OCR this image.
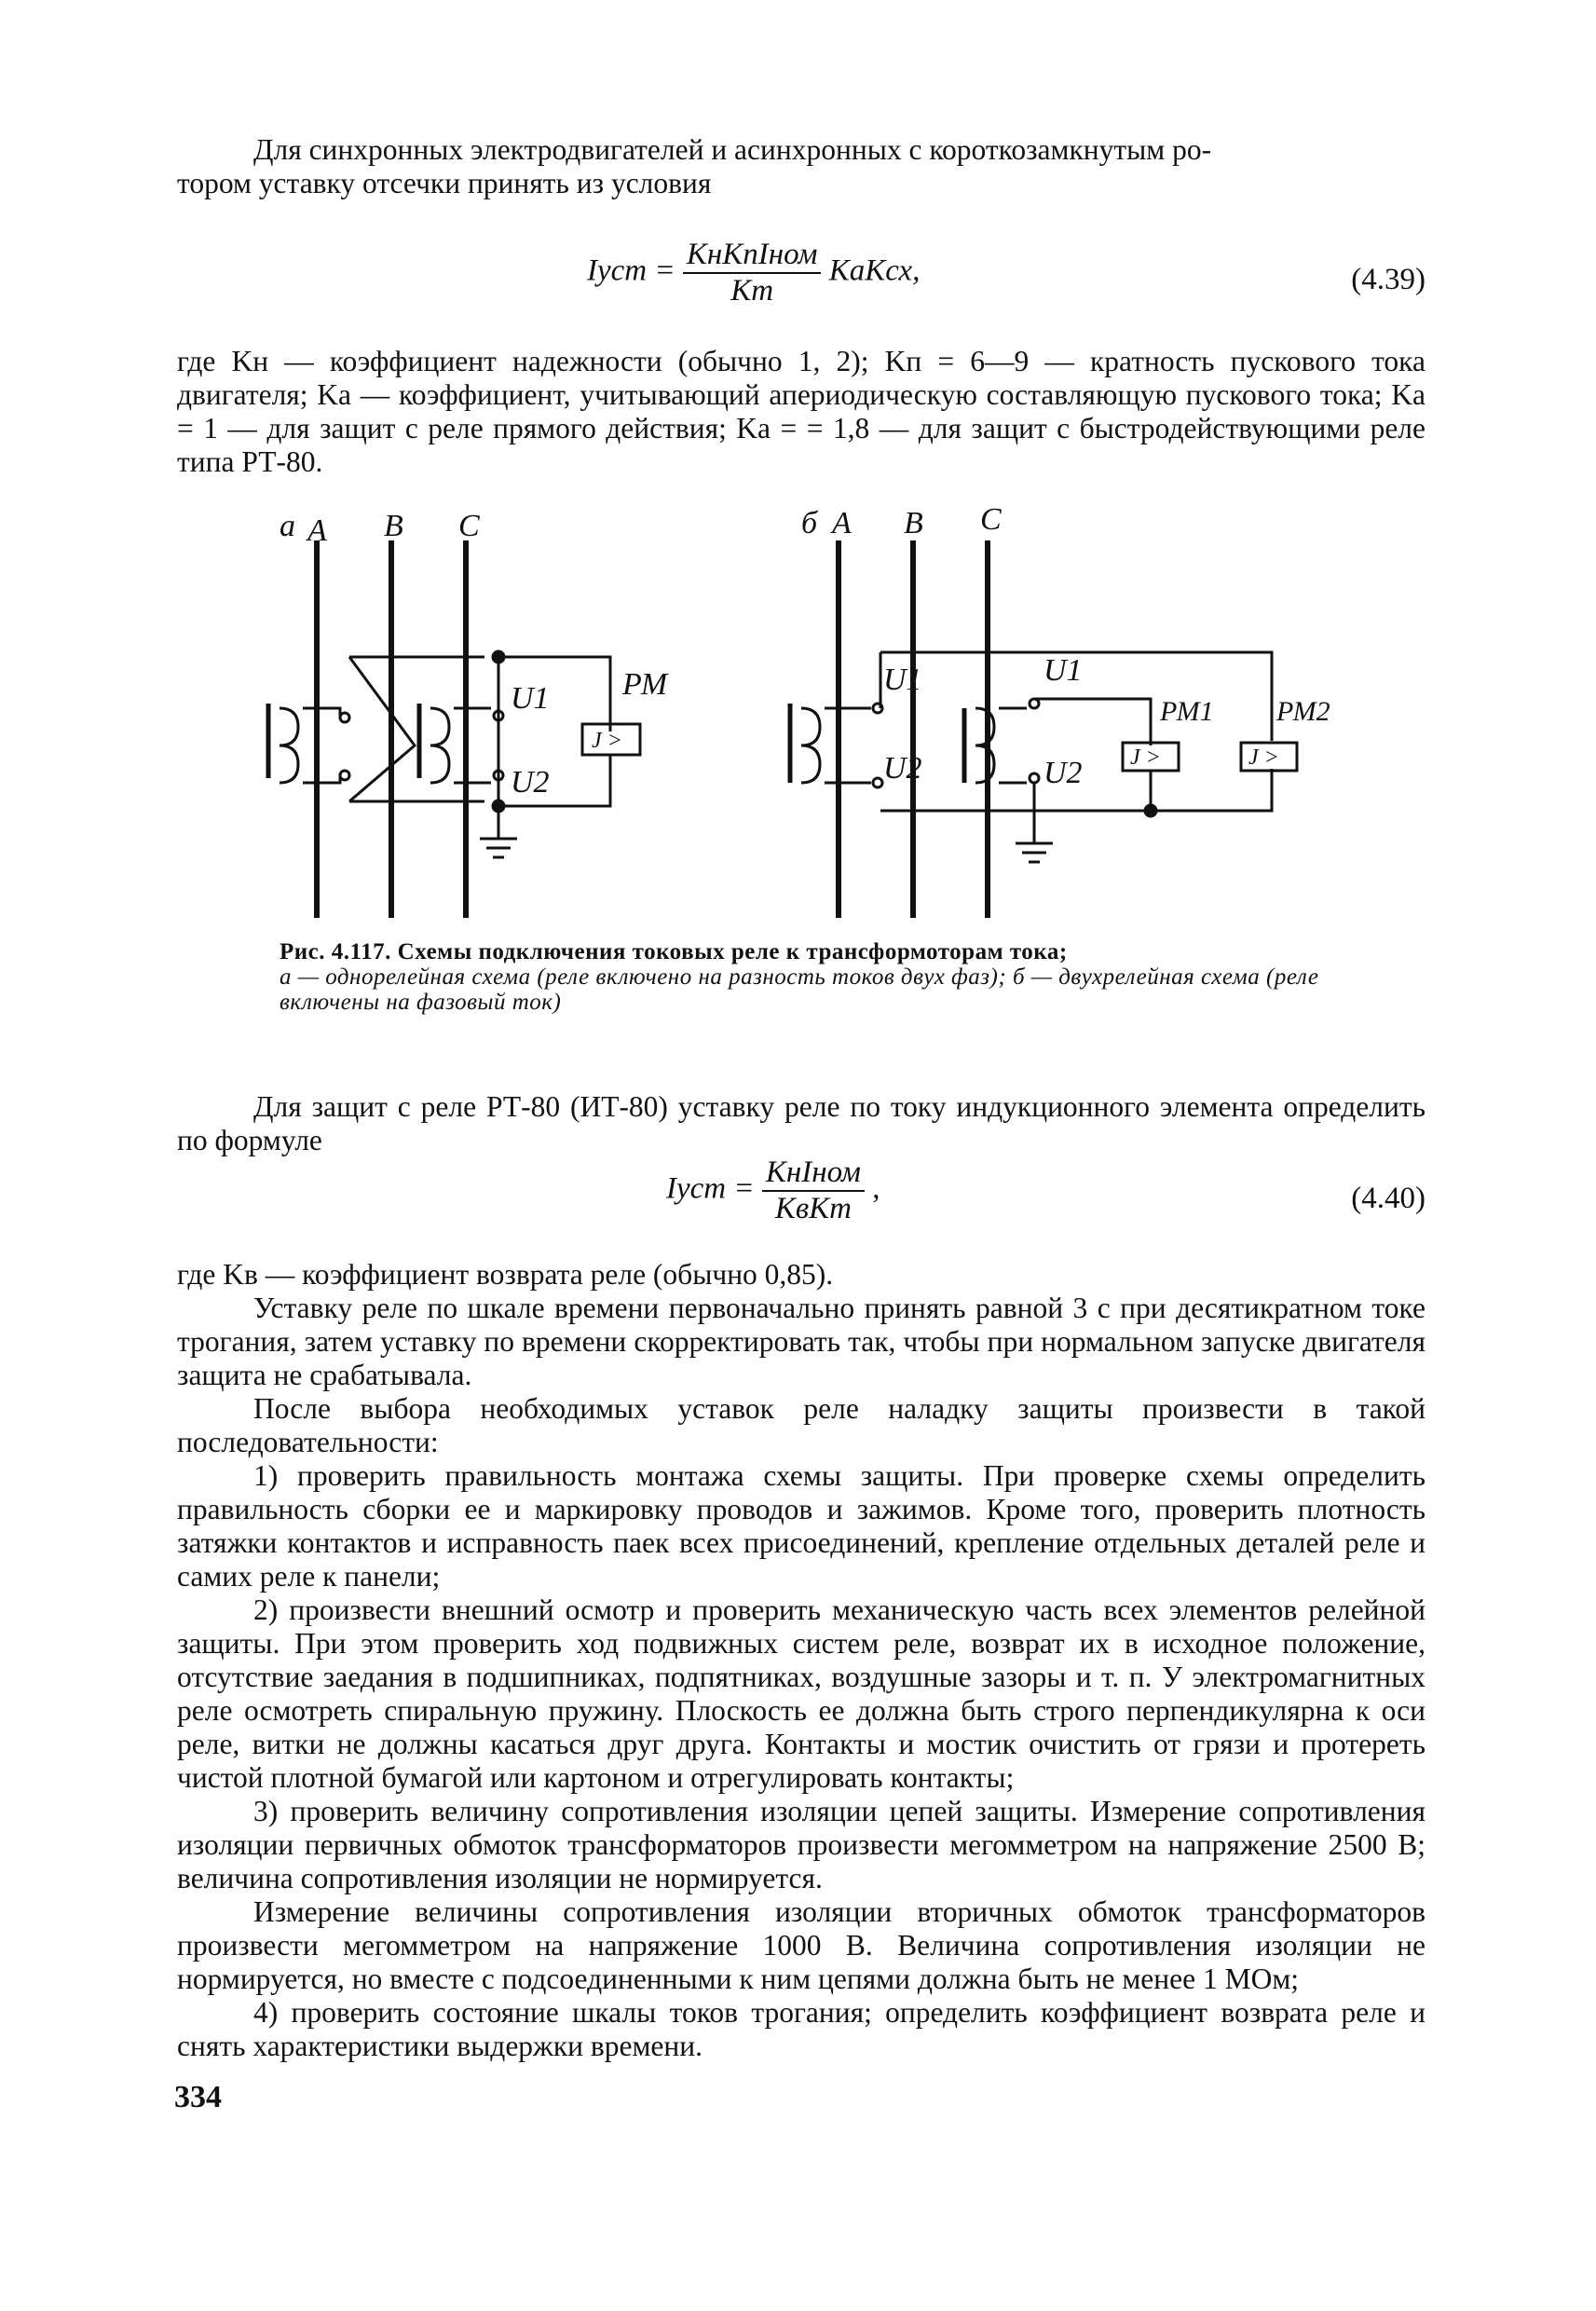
Для синхронных электродвигателей и асинхронных с короткозамкнутым ро-

тором уставку отсечки принять из условия

Iуст = $\frac{\text{KнKпIном}}{Kт}$ KаKсх,	(4.39)

где Kн — коэффициент надежности (обычно 1, 2); Kп = 6—9 — кратность пускового тока двигателя; Kа — коэффициент, учитывающий апериодическую составляющую пускового тока; Kа = 1 — для защит с реле прямого действия; Kа = = 1,8 — для защит с быстродействующими реле типа РТ-80.

а А В С
U1
U2
РМ
J >
б А В С
U1
U2
U1
U2
РМ1 РМ2
J >	J >
Рис. 4.117. Схемы подключения токовых реле к трансформоторам тока;
а — однорелейная схема (реле включено на разность токов двух фаз); б — двухрелейная схема (реле включены на фазовый ток)

Для защит с реле РТ-80 (ИТ-80) уставку реле по току индукционного элемента определить по формуле

Iуст = $\frac{\text{KнIном}}{\text{KвKт}}$ ,	(4.40)

где Kв — коэффициент возврата реле (обычно 0,85).

Уставку реле по шкале времени первоначально принять равной 3 с при десятикратном токе трогания, затем уставку по времени скорректировать так, чтобы при нормальном запуске двигателя защита не срабатывала.

После выбора необходимых уставок реле наладку защиты произвести в такой последовательности:

1) проверить правильность монтажа схемы защиты. При проверке схемы определить правильность сборки ее и маркировку проводов и зажимов. Кроме того, проверить плотность затяжки контактов и исправность паек всех присоединений, крепление отдельных деталей реле и самих реле к панели;

2) произвести внешний осмотр и проверить механическую часть всех элементов релейной защиты. При этом проверить ход подвижных систем реле, возврат их в исходное положение, отсутствие заедания в подшипниках, подпятниках, воздушные зазоры и т. п. У электромагнитных реле осмотреть спиральную пружину. Плоскость ее должна быть строго перпендикулярна к оси реле, витки не должны касаться друг друга. Контакты и мостик очистить от грязи и протереть чистой плотной бумагой или картоном и отрегулировать контакты;

3) проверить величину сопротивления изоляции цепей защиты. Измерение сопротивления изоляции первичных обмоток трансформаторов произвести мегомметром на напряжение 2500 В; величина сопротивления изоляции не нормируется.

Измерение величины сопротивления изоляции вторичных обмоток трансформаторов произвести мегомметром на напряжение 1000 В. Величина сопротивления изоляции не нормируется, но вместе с подсоединенными к ним цепями должна быть не менее 1 МОм;

4) проверить состояние шкалы токов трогания; определить коэффициент возврата реле и снять характеристики выдержки времени.

334
